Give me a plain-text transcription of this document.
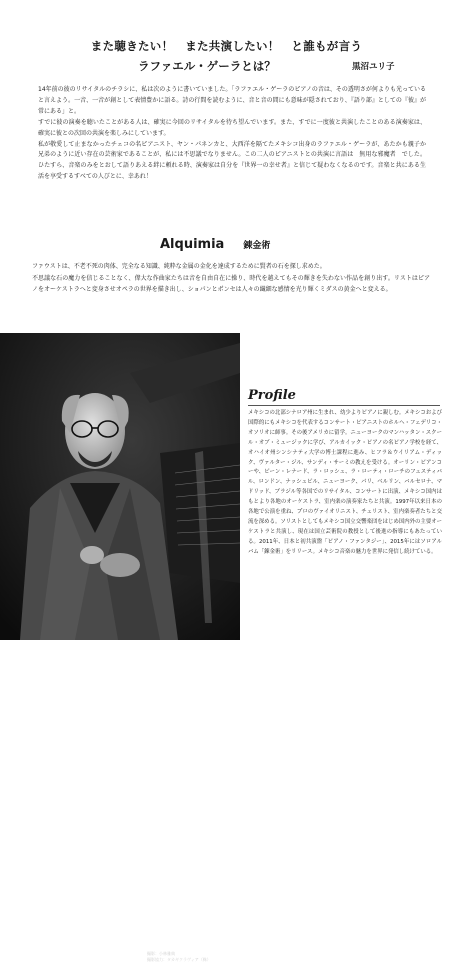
また聴きたい！　また共演したい！　と誰もが言う
ラファエル・ゲーラとは？	黒沼ユリ子

14年前の彼のリサイタルのチラシに、私は次のように書いていました。「ラファエル・ゲーラのピアノの音は、その透明さが何よりも光っていると言えよう。一音、一音が創として表情豊かに語る。詩の行間を読むように、音と音の間にも意味が隠されており、『語り部』としての『彼』が常にある」と。

すでに彼の演奏を聴いたことがある人は、確実に今回のリサイタルを待ち望んでいます。また、すでに一度彼と共演したことのある演奏家は、確実に彼との次回の共演を楽しみにしています。

私が敬愛して止まなかったチェコの名ピアニスト、ヤン・パネンカと、大西洋を隔てたメキシコ出身のラファエル・ゲーラが、あたかも親子か兄弟のように近い存在の芸術家であることが、私には不思議でなりません。この二人のピアニストとの共演に言語は　無用な邪魔者　でした。ひたすら、音楽のみをとおして語りあえる絆に頼れる時、演奏家は自分を『世界一の幸せ者』と信じて疑わなくなるのです。音楽と共にある生活を享受するすべての人びとに、幸あれ！

Alquimia 錬金術

ファウストは、不老不死の肉体、完全なる知識、純粋な金属の金化を達成するために賢者の石を探し求めた。

不思議な石の魔力を信じることなく、偉大な作曲家たちは音を自由自在に操り、時代を越えてもその輝きを失わない作品を創り出す。リストはピアノをオーケストラへと変身させオペラの世界を描き出し、ショパンとポンセは人々の繊細な感情を光り輝くミダスの黄金へと変える。

撮影：小林雅典
撮影協力：タカギクラヴィア（株）
Profile
メキシコの北部シナロア州に生まれ、幼少よりピアノに親しむ。メキシコおよび国際的にもメキシコを代表するコンサート・ピアニストのホルヘ・フェデリコ・オソリオに師事。その後アメリカに留学。ニューヨークのマンハッタン・スクール・オブ・ミュージックに学び、アルカイック・ピアノの名ピアノ学校を経て、オハイオ州シンシナティ大学の博士課程に進み、ヒフラ＆ウイリアム・ディック、ヴァルター・ジル、サンディ・サーミの教えを受ける。オーリン・ビアンコーや、ビーン・レナード、ラ・ロッシュ、ラ・ローティ・ローチのフェスティバル、ロンドン、ナッシュビル、ニューヨーク、パリ、ベルリン、バルセロナ、マドリッド、ブラジル等各国でのリサイタル、コンサートに出演、メキシコ国内はもとより各地のオーケストラ、室内楽の演奏家たちと共演。1997年以来日本の各地で公演を重ね、プロのヴァイオリニスト、チェリスト、室内楽奏者たちと交流を深める。ソリストとしてもメキシコ国立交響楽団をはじめ国内外の主要オーケストラと共演し、現在は国立芸術院の教授として後進の指導にもあたっている。2011年、日本と初共演盤「ピアノ・ファンタジー」、2015年にはソロアルバム「錬金術」をリリース。メキシコ音楽の魅力を世界に発信し続けている。
